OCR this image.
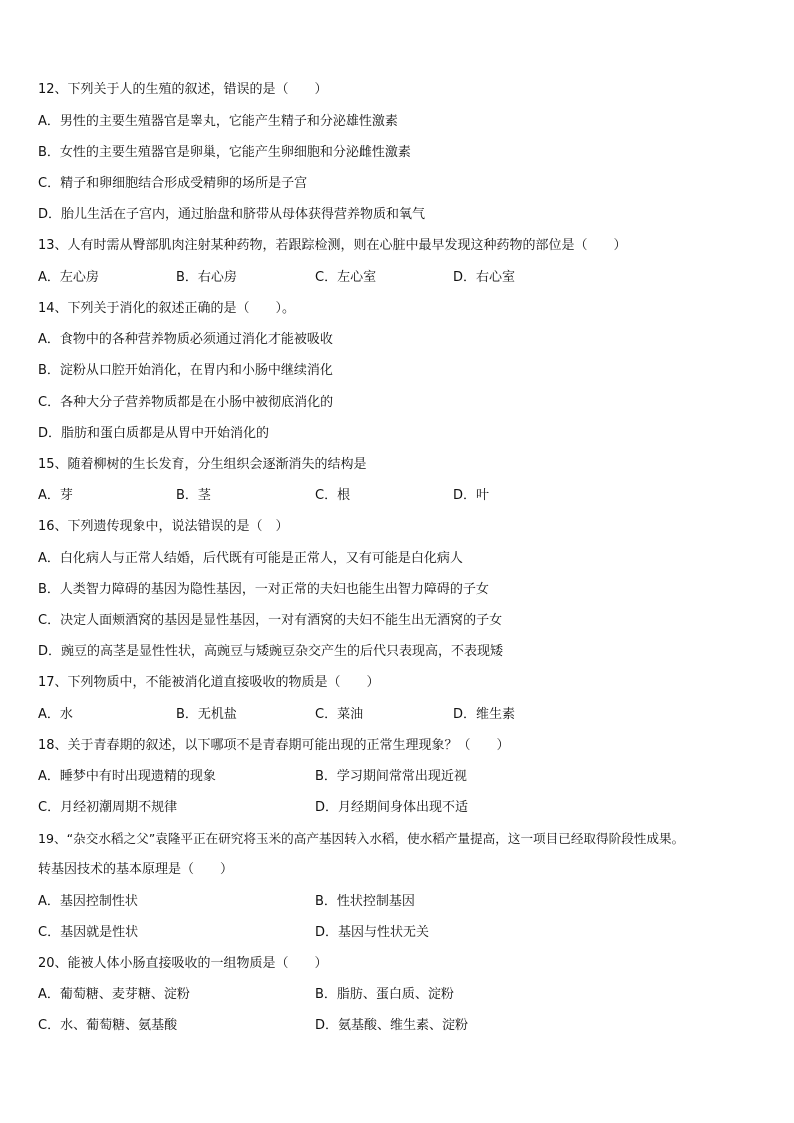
12、下列关于人的生殖的叙述，错误的是（　　）
A．男性的主要生殖器官是睾丸，它能产生精子和分泌雄性激素
B．女性的主要生殖器官是卵巢，它能产生卵细胞和分泌雌性激素
C．精子和卵细胞结合形成受精卵的场所是子宫
D．胎儿生活在子宫内，通过胎盘和脐带从母体获得营养物质和氧气
13、人有时需从臀部肌肉注射某种药物，若跟踪检测，则在心脏中最早发现这种药物的部位是（　　）
A．左心房	B．右心房	C．左心室	D．右心室
14、下列关于消化的叙述正确的是（　　）。
A．食物中的各种营养物质必须通过消化才能被吸收
B．淀粉从口腔开始消化，在胃内和小肠中继续消化
C．各种大分子营养物质都是在小肠中被彻底消化的
D．脂肪和蛋白质都是从胃中开始消化的
15、随着柳树的生长发育，分生组织会逐渐消失的结构是
A．芽	B．茎	C．根	D．叶
16、下列遗传现象中，说法错误的是（　）
A．白化病人与正常人结婚，后代既有可能是正常人，又有可能是白化病人
B．人类智力障碍的基因为隐性基因，一对正常的夫妇也能生出智力障碍的子女
C．决定人面颊酒窝的基因是显性基因，一对有酒窝的夫妇不能生出无酒窝的子女
D．豌豆的高茎是显性性状，高豌豆与矮豌豆杂交产生的后代只表现高，不表现矮
17、下列物质中，不能被消化道直接吸收的物质是（　　）
A．水	B．无机盐	C．菜油	D．维生素
18、关于青春期的叙述，以下哪项不是青春期可能出现的正常生理现象？（　　）
A．睡梦中有时出现遗精的现象	B．学习期间常常出现近视
C．月经初潮周期不规律	D．月经期间身体出现不适
19、“杂交水稻之父”袁隆平正在研究将玉米的高产基因转入水稻，使水稻产量提高，这一项目已经取得阶段性成果。
转基因技术的基本原理是（　　）
A．基因控制性状	B．性状控制基因
C．基因就是性状	D．基因与性状无关
20、能被人体小肠直接吸收的一组物质是（　　）
A．葡萄糖、麦芽糖、淀粉	B．脂肪、蛋白质、淀粉
C．水、葡萄糖、氨基酸	D．氨基酸、维生素、淀粉
